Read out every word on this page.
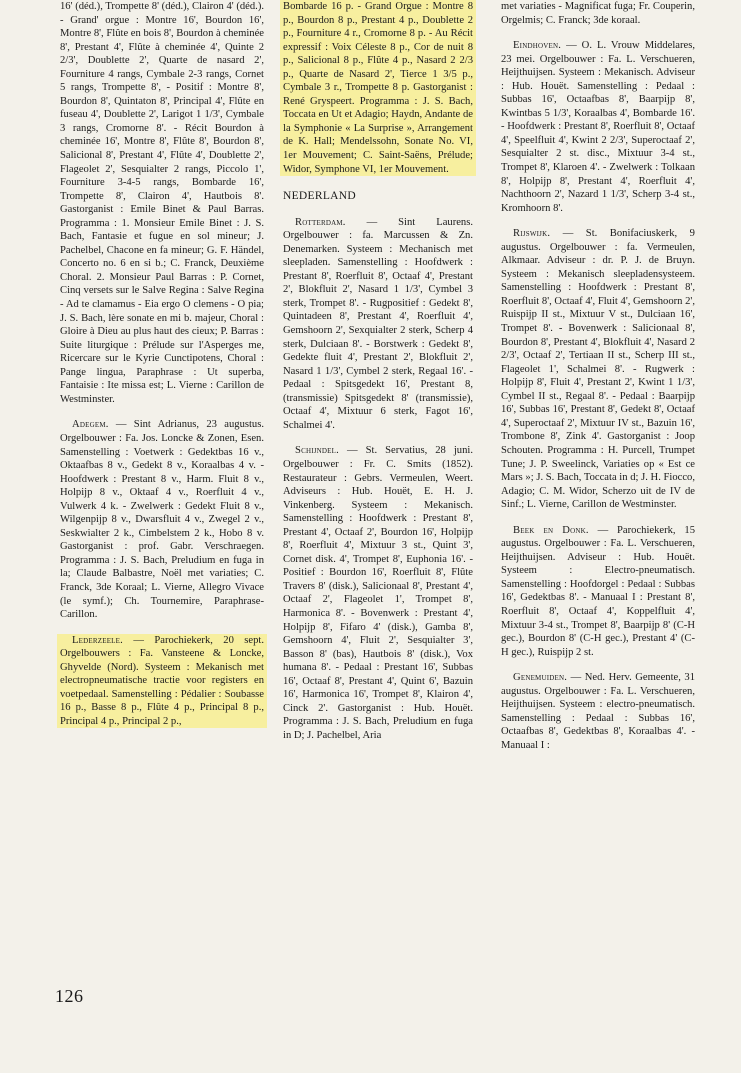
16' (déd.), Trompette 8' (déd.), Clairon 4' (déd.). - Grand' orgue : Montre 16', Bourdon 16', Montre 8', Flûte en bois 8', Bourdon à cheminée 8', Prestant 4', Flûte à cheminée 4', Quinte 2 2/3', Doublette 2', Quarte de nasard 2', Fourniture 4 rangs, Cymbale 2-3 rangs, Cornet 5 rangs, Trompette 8', - Positif : Montre 8', Bourdon 8', Quintaton 8', Principal 4', Flûte en fuseau 4', Doublette 2', Larigot 1 1/3', Cymbale 3 rangs, Cromorne 8'. - Récit Bourdon à cheminée 16', Montre 8', Flûte 8', Bourdon 8', Salicional 8', Prestant 4', Flûte 4', Doublette 2', Flageolet 2', Sesquialter 2 rangs, Piccolo 1', Fourniture 3-4-5 rangs, Bombarde 16', Trompette 8', Clairon 4', Hautbois 8'. Gastorganist : Emile Binet & Paul Barras. Programma : 1. Monsieur Emile Binet : J. S. Bach, Fantasie et fugue en sol mineur; J. Pachelbel, Chacone en fa mineur; G. F. Händel, Concerto no. 6 en si b.; C. Franck, Deuxième Choral. 2. Monsieur Paul Barras : P. Cornet, Cinq versets sur le Salve Regina : Salve Regina - Ad te clamamus - Eia ergo O clemens - O pia; J. S. Bach, lère sonate en mi b. majeur, Choral : Gloire à Dieu au plus haut des cieux; P. Barras : Suite liturgique : Prélude sur l'Asperges me, Ricercare sur le Kyrie Cunctipotens, Choral : Pange lingua, Paraphrase : Ut superba, Fantaisie : Ite missa est; L. Vierne : Carillon de Westminster.

Adegem. — Sint Adrianus, 23 augustus. Orgelbouwer : Fa. Jos. Loncke & Zonen, Esen. Samenstelling : Voetwerk : Gedektbas 16 v., Oktaafbas 8 v., Gedekt 8 v., Koraalbas 4 v. - Hoofdwerk : Prestant 8 v., Harm. Fluit 8 v., Holpijp 8 v., Oktaaf 4 v., Roerfluit 4 v., Vulwerk 4 k. - Zwelwerk : Gedekt Fluit 8 v., Wilgenpijp 8 v., Dwarsfluit 4 v., Zwegel 2 v., Seskwialter 2 k., Cimbelstem 2 k., Hobo 8 v. Gastorganist : prof. Gabr. Verschraegen. Programma : J. S. Bach, Preludium en fuga in la; Claude Balbastre, Noël met variaties; C. Franck, 3de Koraal; L. Vierne, Allegro Vivace (le symf.); Ch. Tournemire, Paraphrase-Carillon.

Lederzeele. — Parochiekerk, 20 sept. Orgelbouwers : Fa. Vansteene & Loncke, Ghyvelde (Nord). Systeem : Mekanisch met electropneumatische tractie voor registers en voetpedaal. Samenstelling : Pédalier : Soubasse 16 p., Basse 8 p., Flûte 4 p., Principal 8 p., Principal 4 p., Principal 2 p.,

Bombarde 16 p. - Grand Orgue : Montre 8 p., Bourdon 8 p., Prestant 4 p., Doublette 2 p., Fourniture 4 r., Cromorne 8 p. - Au Récit expressif : Voix Céleste 8 p., Cor de nuit 8 p., Salicional 8 p., Flûte 4 p., Nasard 2 2/3 p., Quarte de Nasard 2', Tierce 1 3/5 p., Cymbale 3 r., Trompette 8 p. Gastorganist : René Gryspeert. Programma : J. S. Bach, Toccata en Ut et Adagio; Haydn, Andante de la Symphonie « La Surprise », Arrangement de K. Hall; Mendelssohn, Sonate No. VI, 1er Mouvement; C. Saint-Saëns, Prélude; Widor, Symphone VI, 1er Mouvement.

NEDERLAND

Rotterdam. — Sint Laurens. Orgelbouwer : fa. Marcussen & Zn. Denemarken. Systeem : Mechanisch met sleepladen. Samenstelling : Hoofdwerk : Prestant 8', Roerfluit 8', Octaaf 4', Prestant 2', Blokfluit 2', Nasard 1 1/3', Cymbel 3 sterk, Trompet 8'. - Rugpositief : Gedekt 8', Quintadeen 8', Prestant 4', Roerfluit 4', Gemshoorn 2', Sexquialter 2 sterk, Scherp 4 sterk, Dulciaan 8'. - Borstwerk : Gedekt 8', Gedekte fluit 4', Prestant 2', Blokfluit 2', Nasard 1 1/3', Cymbel 2 sterk, Regaal 16'. - Pedaal : Spitsgedekt 16', Prestant 8, (transmissie) Spitsgedekt 8' (transmissie), Octaaf 4', Mixtuur 6 sterk, Fagot 16', Schalmei 4'.

Schijndel. — St. Servatius, 28 juni. Orgelbouwer : Fr. C. Smits (1852). Restaurateur : Gebrs. Vermeulen, Weert. Adviseurs : Hub. Houët, E. H. J. Vinkenberg. Systeem : Mekanisch. Samenstelling : Hoofdwerk : Prestant 8', Prestant 4', Octaaf 2', Bourdon 16', Holpijp 8', Roerfluit 4', Mixtuur 3 st., Quint 3', Cornet disk. 4', Trompet 8', Euphonia 16'. - Positief : Bourdon 16', Roerfluit 8', Flûte Travers 8' (disk.), Salicionaal 8', Prestant 4', Octaaf 2', Flageolet 1', Trompet 8', Harmonica 8'. - Bovenwerk : Prestant 4', Holpijp 8', Fifaro 4' (disk.), Gamba 8', Gemshoorn 4', Fluit 2', Sesquialter 3', Basson 8' (bas), Hautbois 8' (disk.), Vox humana 8'. - Pedaal : Prestant 16', Subbas 16', Octaaf 8', Prestant 4', Quint 6', Bazuin 16', Harmonica 16', Trompet 8', Klairon 4', Cinck 2'. Gastorganist : Hub. Houët. Programma : J. S. Bach, Preludium en fuga in D; J. Pachelbel, Aria

met variaties - Magnificat fuga; Fr. Couperin, Orgelmis; C. Franck; 3de koraal.

Eindhoven. — O. L. Vrouw Middelares, 23 mei. Orgelbouwer : Fa. L. Verschueren, Heijthuijsen. Systeem : Mekanisch. Adviseur : Hub. Houët. Samenstelling : Pedaal : Subbas 16', Octaafbas 8', Baarpijp 8', Kwintbas 5 1/3', Koraalbas 4', Bombarde 16'. - Hoofdwerk : Prestant 8', Roerfluit 8', Octaaf 4', Speelfluit 4', Kwint 2 2/3', Superoctaaf 2', Sesquialter 2 st. disc., Mixtuur 3-4 st., Trompet 8', Klaroen 4'. - Zwelwerk : Tolkaan 8', Holpijp 8', Prestant 4', Roerfluit 4', Nachthoorn 2', Nazard 1 1/3', Scherp 3-4 st., Kromhoorn 8'.

Rijswijk. — St. Bonifaciuskerk, 9 augustus. Orgelbouwer : fa. Vermeulen, Alkmaar. Adviseur : dr. P. J. de Bruyn. Systeem : Mekanisch sleepladensysteem. Samenstelling : Hoofdwerk : Prestant 8', Roerfluit 8', Octaaf 4', Fluit 4', Gemshoorn 2', Ruispijp II st., Mixtuur V st., Dulciaan 16', Trompet 8'. - Bovenwerk : Salicionaal 8', Bourdon 8', Prestant 4', Blokfluit 4', Nasard 2 2/3', Octaaf 2', Tertiaan II st., Scherp III st., Flageolet 1', Schalmei 8'. - Rugwerk : Holpijp 8', Fluit 4', Prestant 2', Kwint 1 1/3', Cymbel II st., Regaal 8'. - Pedaal : Baarpijp 16', Subbas 16', Prestant 8', Gedekt 8', Octaaf 4', Superoctaaf 2', Mixtuur IV st., Bazuin 16', Trombone 8', Zink 4'. Gastorganist : Joop Schouten. Programma : H. Purcell, Trumpet Tune; J. P. Sweelinck, Variaties op « Est ce Mars »; J. S. Bach, Toccata in d; J. H. Fiocco, Adagio; C. M. Widor, Scherzo uit de IV de Sinf.; L. Vierne, Carillon de Westminster.

Beek en Donk. — Parochiekerk, 15 augustus. Orgelbouwer : Fa. L. Verschueren, Heijthuijsen. Adviseur : Hub. Houët. Systeem : Electro-pneumatisch. Samenstelling : Hoofdorgel : Pedaal : Subbas 16', Gedektbas 8'. - Manuaal I : Prestant 8', Roerfluit 8', Octaaf 4', Koppelfluit 4', Mixtuur 3-4 st., Trompet 8', Baarpijp 8' (C-H gec.), Bourdon 8' (C-H gec.), Prestant 4' (C-H gec.), Ruispijp 2 st.

Genemuiden. — Ned. Herv. Gemeente, 31 augustus. Orgelbouwer : Fa. L. Verschueren, Heijthuijsen. Systeem : electro-pneumatisch. Samenstelling : Pedaal : Subbas 16', Octaafbas 8', Gedektbas 8', Koraalbas 4'. - Manuaal I :

126
